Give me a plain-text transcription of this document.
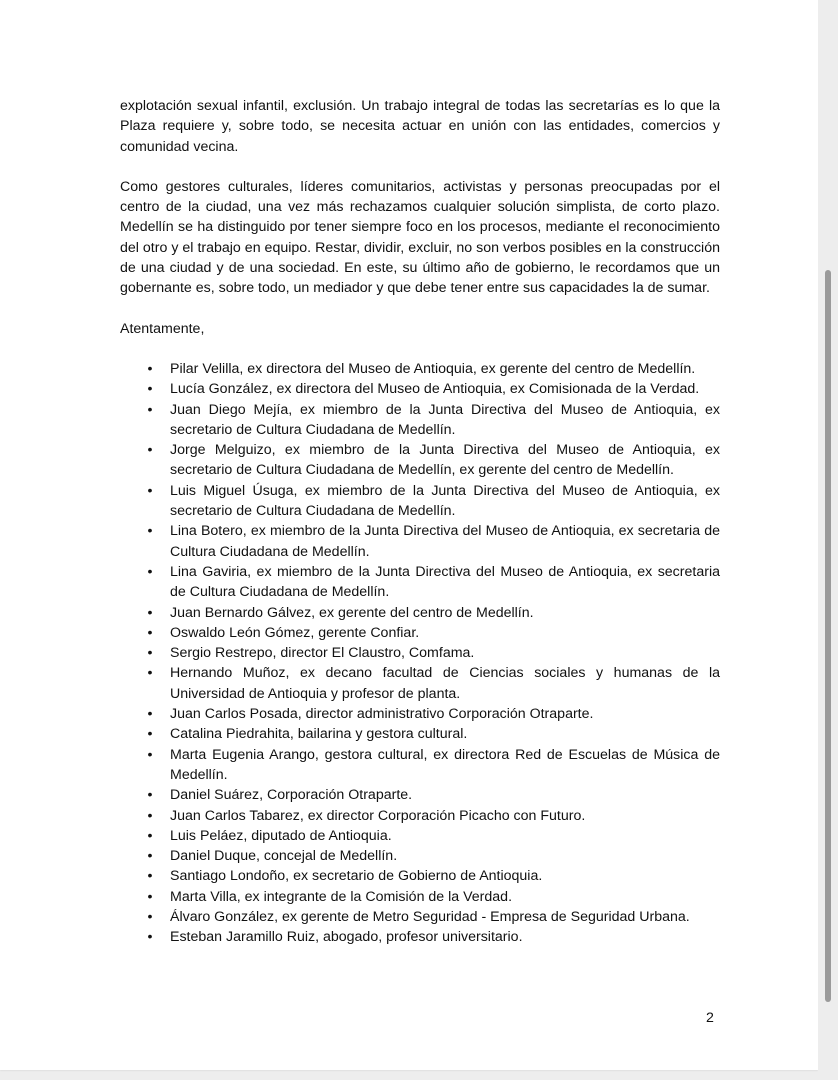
explotación sexual infantil, exclusión. Un trabajo integral de todas las secretarías es lo que la Plaza requiere y, sobre todo, se necesita actuar en unión con las entidades, comercios y comunidad vecina.

Como gestores culturales, líderes comunitarios, activistas y personas preocupadas por el centro de la ciudad, una vez más rechazamos cualquier solución simplista, de corto plazo. Medellín se ha distinguido por tener siempre foco en los procesos, mediante el reconocimiento del otro y el trabajo en equipo. Restar, dividir, excluir, no son verbos posibles en la construcción de una ciudad y de una sociedad. En este, su último año de gobierno, le recordamos que un gobernante es, sobre todo, un mediador y que debe tener entre sus capacidades la de sumar.

Atentamente,

• Pilar Velilla, ex directora del Museo de Antioquia, ex gerente del centro de Medellín.
• Lucía González, ex directora del Museo de Antioquia, ex Comisionada de la Verdad.
• Juan Diego Mejía, ex miembro de la Junta Directiva del Museo de Antioquia, ex secretario de Cultura Ciudadana de Medellín.
• Jorge Melguizo, ex miembro de la Junta Directiva del Museo de Antioquia, ex secretario de Cultura Ciudadana de Medellín, ex gerente del centro de Medellín.
• Luis Miguel Úsuga, ex miembro de la Junta Directiva del Museo de Antioquia, ex secretario de Cultura Ciudadana de Medellín.
• Lina Botero, ex miembro de la Junta Directiva del Museo de Antioquia, ex secretaria de Cultura Ciudadana de Medellín.
• Lina Gaviria, ex miembro de la Junta Directiva del Museo de Antioquia, ex secretaria de Cultura Ciudadana de Medellín.
• Juan Bernardo Gálvez, ex gerente del centro de Medellín.
• Oswaldo León Gómez, gerente Confiar.
• Sergio Restrepo, director El Claustro, Comfama.
• Hernando Muñoz, ex decano facultad de Ciencias sociales y humanas de la Universidad de Antioquia y profesor de planta.
• Juan Carlos Posada, director administrativo Corporación Otraparte.
• Catalina Piedrahita, bailarina y gestora cultural.
• Marta Eugenia Arango, gestora cultural, ex directora Red de Escuelas de Música de Medellín.
• Daniel Suárez, Corporación Otraparte.
• Juan Carlos Tabarez, ex director Corporación Picacho con Futuro.
• Luis Peláez, diputado de Antioquia.
• Daniel Duque, concejal de Medellín.
• Santiago Londoño, ex secretario de Gobierno de Antioquia.
• Marta Villa, ex integrante de la Comisión de la Verdad.
• Álvaro González, ex gerente de Metro Seguridad - Empresa de Seguridad Urbana.
• Esteban Jaramillo Ruiz, abogado, profesor universitario.
2
